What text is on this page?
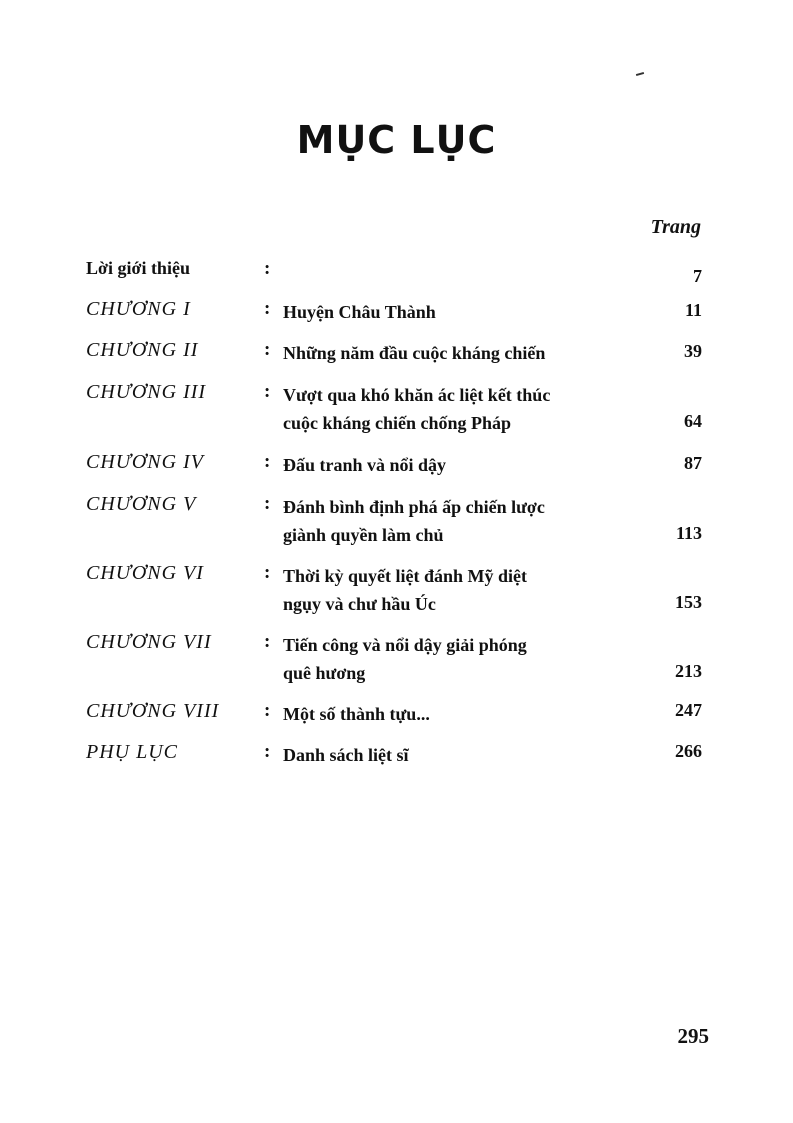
MỤC LỤC
Trang
Lời giới thiệu	:	7
CHƯƠNG I	: Huyện Châu Thành	11
CHƯƠNG II	: Những năm đầu cuộc kháng chiến	39
CHƯƠNG III	: Vượt qua khó khăn ác liệt kết thúc
cuộc kháng chiến chống Pháp	64
CHƯƠNG IV	: Đấu tranh và nổi dậy	87
CHƯƠNG V	: Đánh bình định phá ấp chiến lược
giành quyền làm chủ	113
CHƯƠNG VI	: Thời kỳ quyết liệt đánh Mỹ diệt
ngụy và chư hầu Úc	153
CHƯƠNG VII	: Tiến công và nổi dậy giải phóng
quê hương	213
CHƯƠNG VIII : Một số thành tựu...	247
PHỤ LỤC	: Danh sách liệt sĩ	266
295
